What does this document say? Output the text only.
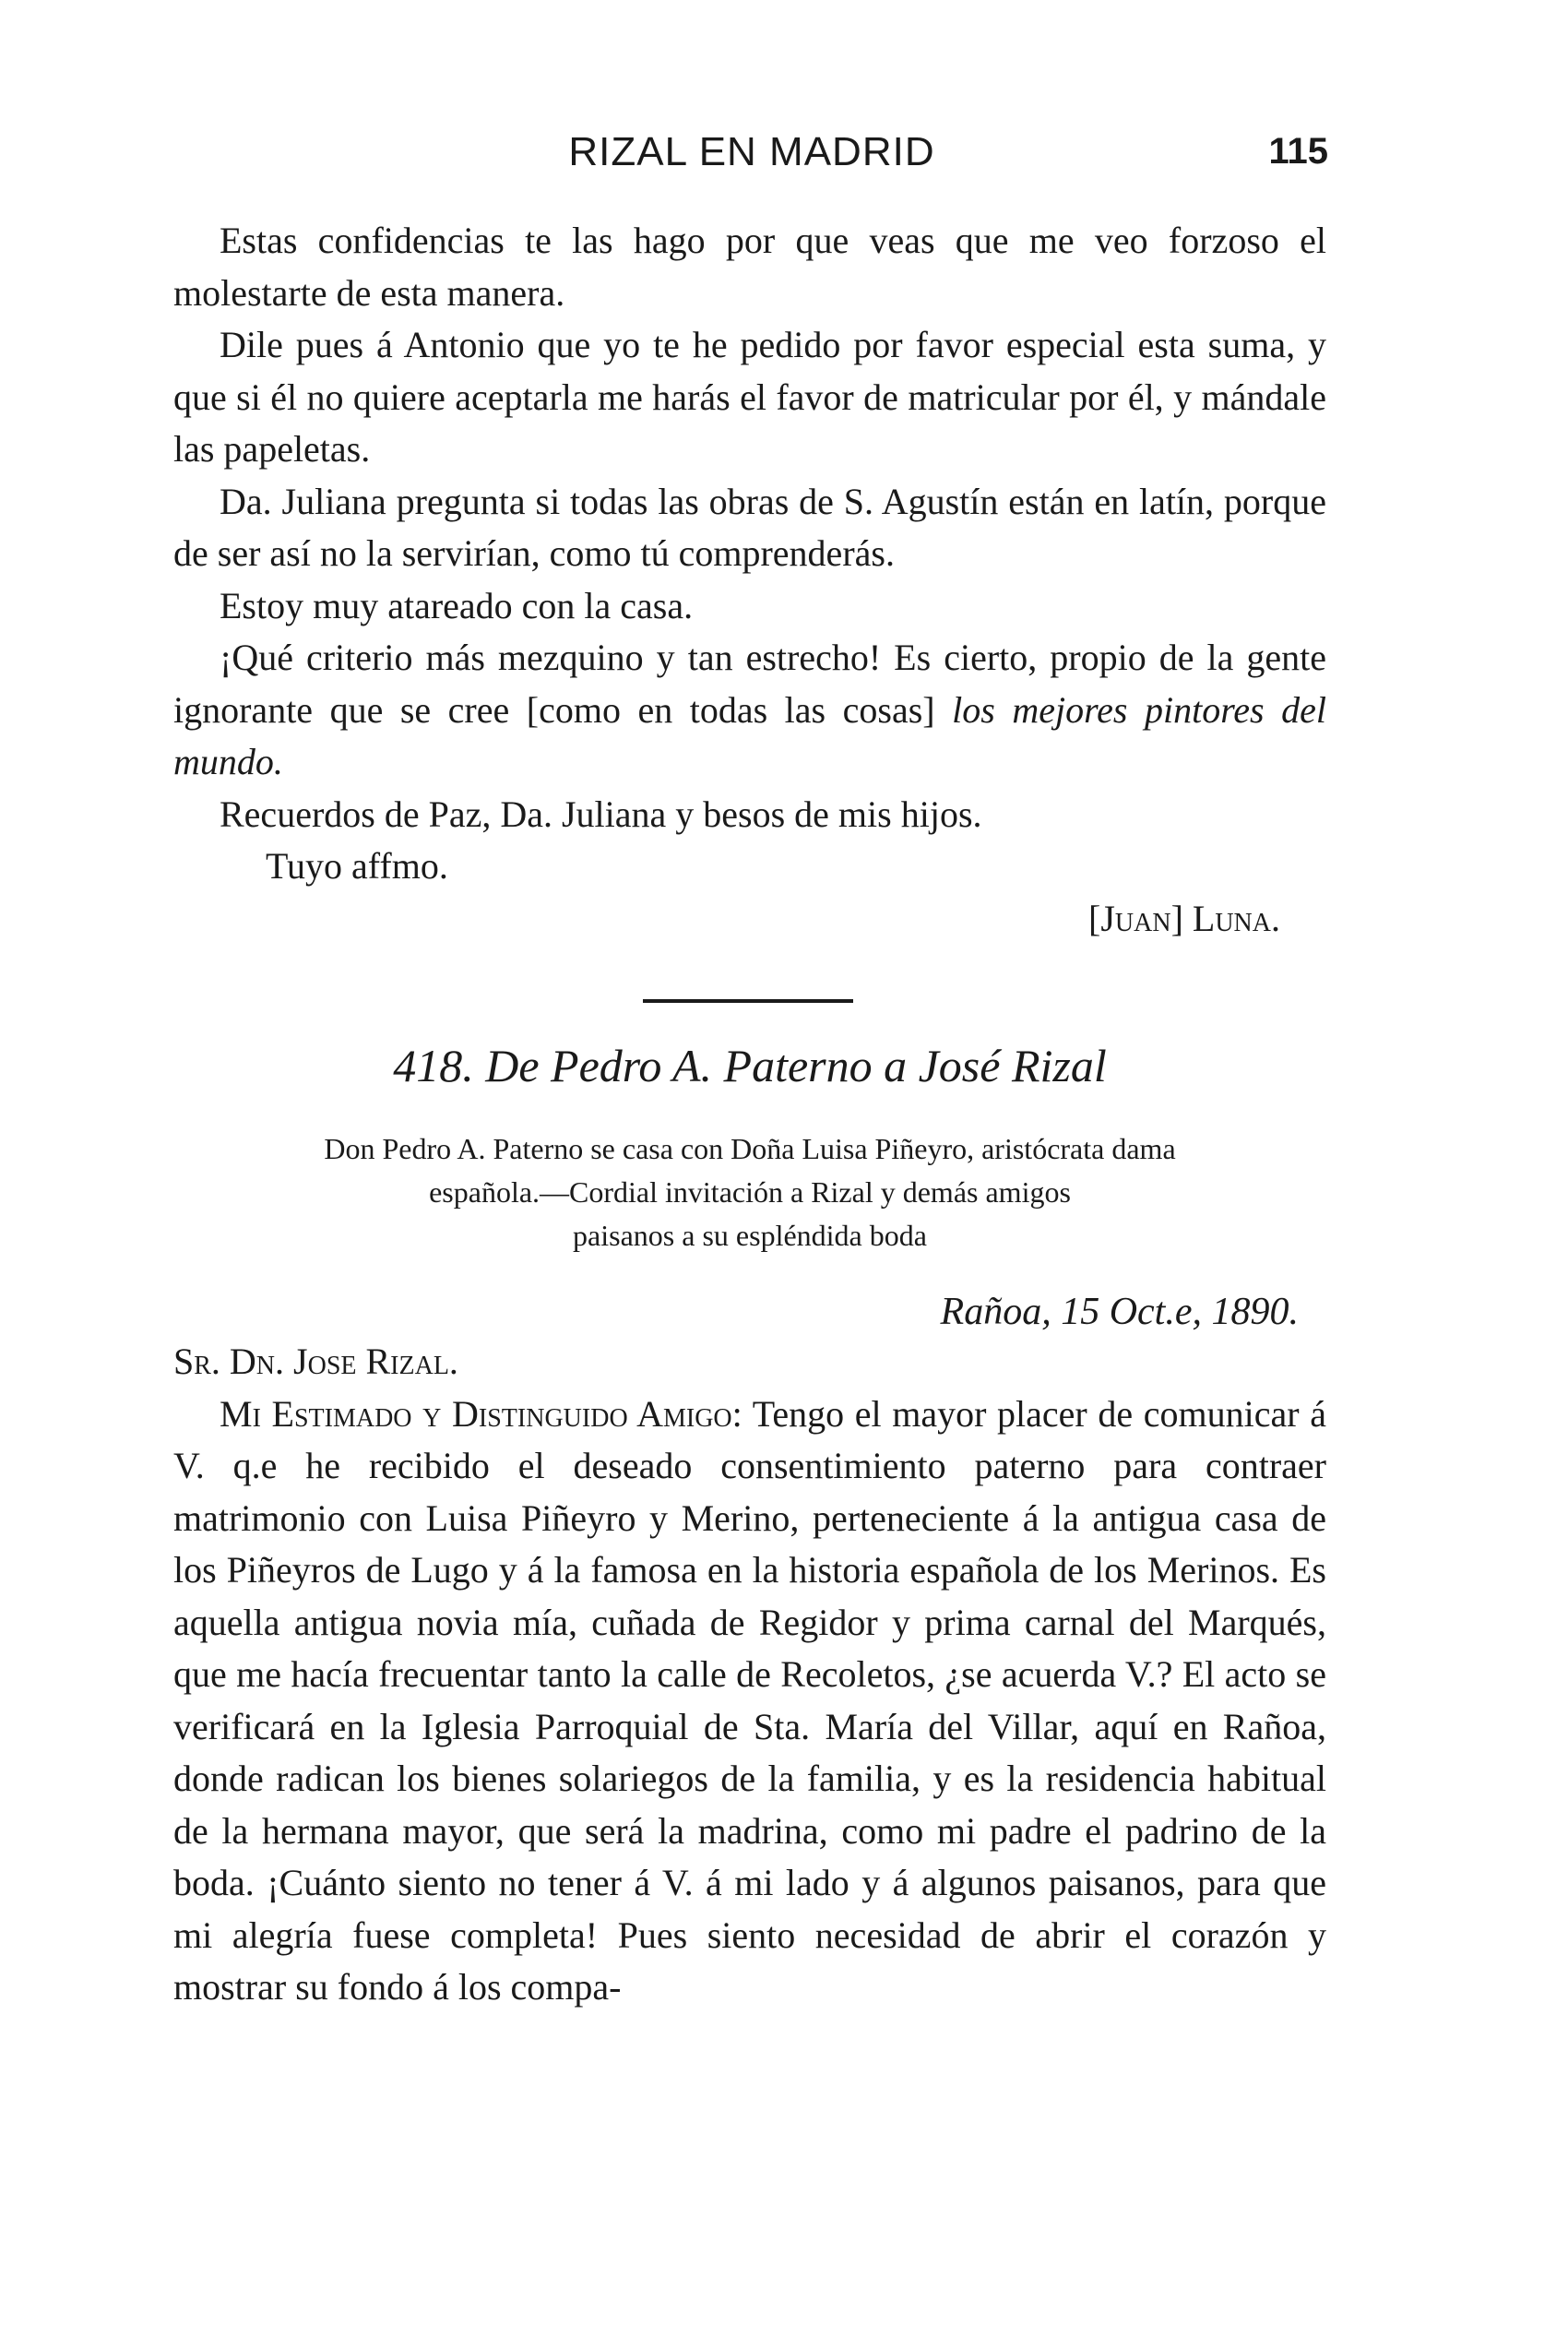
RIZAL EN MADRID	115

Estas confidencias te las hago por que veas que me veo forzoso el molestarte de esta manera.

Dile pues á Antonio que yo te he pedido por favor especial esta suma, y que si él no quiere aceptarla me harás el favor de matricular por él, y mándale las papeletas.

Da. Juliana pregunta si todas las obras de S. Agustín están en latín, porque de ser así no la servirían, como tú comprenderás.

Estoy muy atareado con la casa.

¡Qué criterio más mezquino y tan estrecho! Es cierto, propio de la gente ignorante que se cree [como en todas las cosas] los mejores pintores del mundo.

Recuerdos de Paz, Da. Juliana y besos de mis hijos.

Tuyo affmo.

[Juan] Luna.

418. De Pedro A. Paterno a José Rizal
Don Pedro A. Paterno se casa con Doña Luisa Piñeyro, aristócrata dama
española.—Cordial invitación a Rizal y demás amigos
paisanos a su espléndida boda
Rañoa, 15 Oct.e, 1890.

Sr. Dn. Jose Rizal.

Mi Estimado y Distinguido Amigo: Tengo el mayor placer de comunicar á V. q.e he recibido el deseado consentimiento paterno para contraer matrimonio con Luisa Piñeyro y Merino, perteneciente á la antigua casa de los Piñeyros de Lugo y á la famosa en la historia española de los Merinos. Es aquella antigua novia mía, cuñada de Regidor y prima carnal del Marqués, que me hacía frecuentar tanto la calle de Recoletos, ¿se acuerda V.? El acto se verificará en la Iglesia Parroquial de Sta. María del Villar, aquí en Rañoa, donde radican los bienes solariegos de la familia, y es la residencia habitual de la hermana mayor, que será la madrina, como mi padre el padrino de la boda. ¡Cuánto siento no tener á V. á mi lado y á algunos paisanos, para que mi alegría fuese completa! Pues siento necesidad de abrir el corazón y mostrar su fondo á los compa-
